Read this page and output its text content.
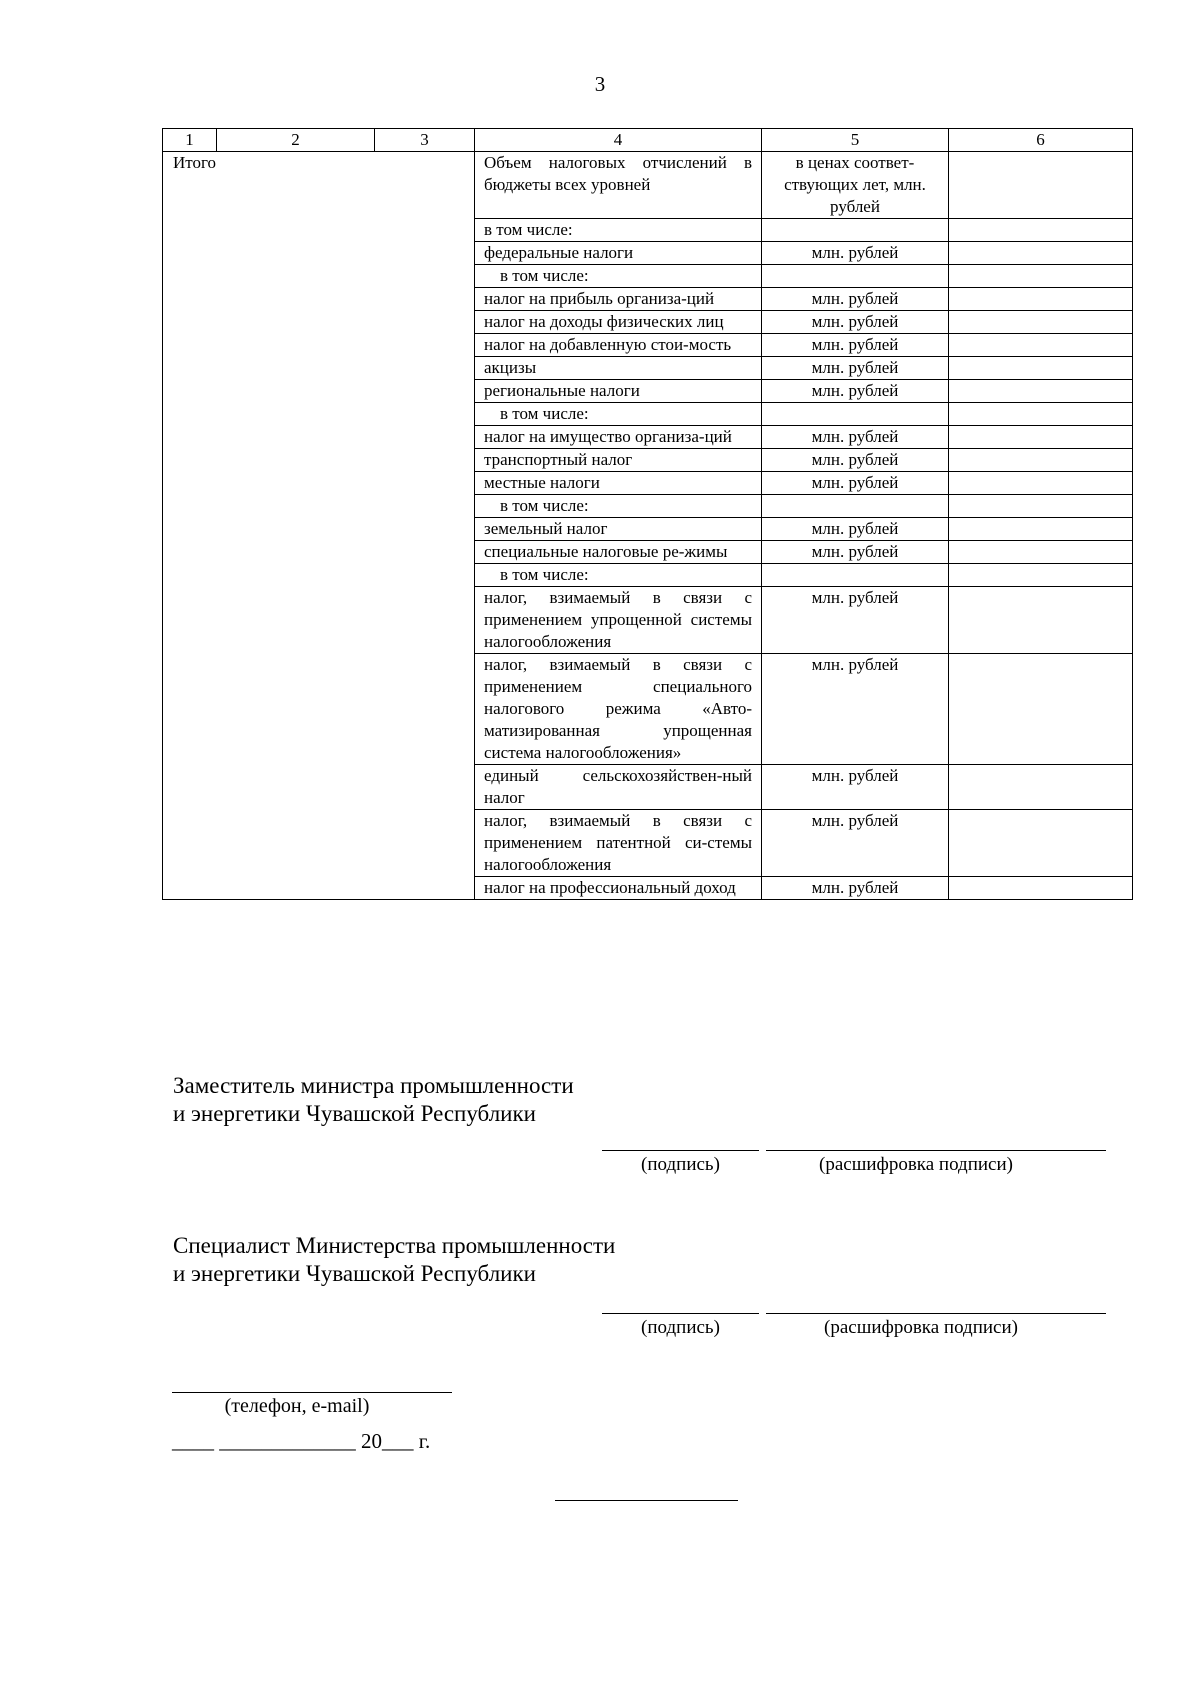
3
1	2	3	4	5	6
Итого			Объем налоговых отчислений в бюджеты всех уровней	в ценах соответ-ствующих лет, млн. рублей	
			в том числе:		
			федеральные налоги	млн. рублей	
			в том числе:		
			налог на прибыль организа-ций	млн. рублей	
			налог на доходы физических лиц	млн. рублей	
			налог на добавленную стои-мость	млн. рублей	
			акцизы	млн. рублей	
			региональные налоги	млн. рублей	
			в том числе:		
			налог на имущество организа-ций	млн. рублей	
			транспортный налог	млн. рублей	
			местные налоги	млн. рублей	
			в том числе:		
			земельный налог	млн. рублей	
			специальные налоговые ре-жимы	млн. рублей	
			в том числе:		
			налог, взимаемый в связи с применением упрощенной системы налогообложения	млн. рублей	
			налог, взимаемый в связи с применением специального налогового режима «Авто-матизированная упрощенная система налогообложения»	млн. рублей	
			единый сельскохозяйствен-ный налог	млн. рублей	
			налог, взимаемый в связи с применением патентной си-стемы налогообложения	млн. рублей	
			налог на профессиональный доход	млн. рублей	
Заместитель министра промышленности
и энергетики Чувашской Республики
(подпись)	(расшифровка подписи)
Специалист Министерства промышленности
и энергетики Чувашской Республики
(подпись)	(расшифровка подписи)
(телефон, e-mail)
____ _____________ 20___ г.
